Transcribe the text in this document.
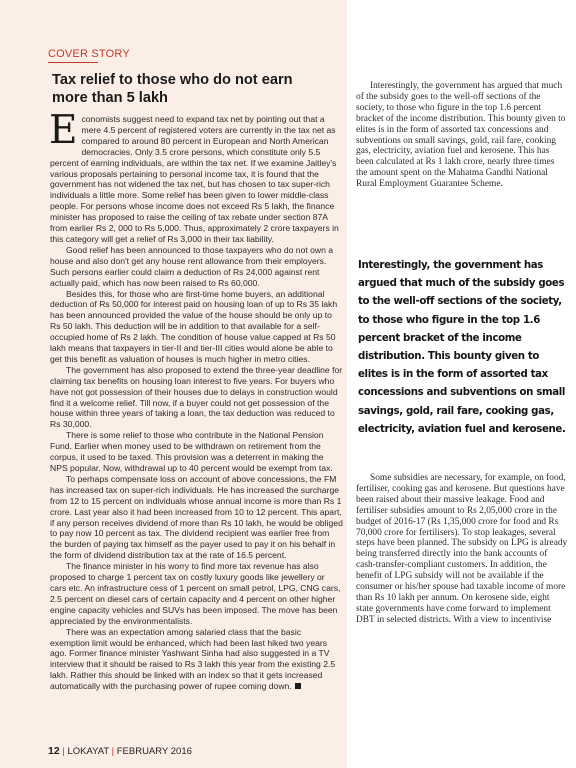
COVER STORY
Tax relief to those who do not earn more than 5 lakh

Economists suggest need to expand tax net by pointing out that a mere 4.5 percent of registered voters are currently in the tax net as compared to around 80 percent in European and North American democracies. Only 3.5 crore persons, which constitute only 5.5 percent of earning individuals, are within the tax net. If we examine Jaitley's various proposals pertaining to personal income tax, it is found that the government has not widened the tax net, but has chosen to tax super-rich individuals a little more. Some relief has been given to lower middle-class people. For persons whose income does not exceed Rs 5 lakh, the finance minister has proposed to raise the ceiling of tax rebate under section 87A from earlier Rs 2, 000 to Rs 5,000. Thus, approximately 2 crore taxpayers in this category will get a relief of Rs 3,000 in their tax liability.

Good relief has been announced to those taxpayers who do not own a house and also don't get any house rent allowance from their employers. Such persons earlier could claim a deduction of Rs 24,000 against rent actually paid, which has now been raised to Rs 60,000.

Besides this, for those who are first-time home buyers, an additional deduction of Rs 50,000 for interest paid on housing loan of up to Rs 35 lakh has been announced provided the value of the house should be only up to Rs 50 lakh. This deduction will be in addition to that available for a self-occupied home of Rs 2 lakh. The condition of house value capped at Rs 50 lakh means that taxpayers in tier-II and tier-III cities would alone be able to get this benefit as valuation of houses is much higher in metro cities.

The government has also proposed to extend the three-year deadline for claiming tax benefits on housing loan interest to five years. For buyers who have not got possession of their houses due to delays in construction would find it a welcome relief. Till now, if a buyer could not get possession of the house within three years of taking a loan, the tax deduction was reduced to Rs 30,000.

There is some relief to those who contribute in the National Pension Fund. Earlier when money used to be withdrawn on retirement from the corpus, it used to be taxed. This provision was a deterrent in making the NPS popular. Now, withdrawal up to 40 percent would be exempt from tax.

To perhaps compensate loss on account of above concessions, the FM has increased tax on super-rich individuals. He has increased the surcharge from 12 to 15 percent on individuals whose annual income is more than Rs 1 crore. Last year also it had been increased from 10 to 12 percent. This apart, if any person receives dividend of more than Rs 10 lakh, he would be obliged to pay now 10 percent as tax. The dividend recipient was earlier free from the burden of paying tax himself as the payer used to pay it on his behalf in the form of dividend distribution tax at the rate of 16.5 percent.

The finance minister in his worry to find more tax revenue has also proposed to charge 1 percent tax on costly luxury goods like jewellery or cars etc. An infrastructure cess of 1 percent on small petrol, LPG, CNG cars, 2.5 percent on diesel cars of certain capacity and 4 percent on other higher engine capacity vehicles and SUVs has been imposed. The move has been appreciated by the environmentalists.

There was an expectation among salaried class that the basic exemption limit would be enhanced, which had been last hiked two years ago. Former finance minister Yashwant Sinha had also suggested in a TV interview that it should be raised to Rs 3 lakh this year from the existing 2.5 lakh. Rather this should be linked with an index so that it gets increased automatically with the purchasing power of rupee coming down.

Interestingly, the government has argued that much of the subsidy goes to the well-off sections of the society, to those who figure in the top 1.6 percent bracket of the income distribution. This bounty given to elites is in the form of assorted tax concessions and subventions on small savings, gold, rail fare, cooking gas, electricity, aviation fuel and kerosene. This has been calculated at Rs 1 lakh crore, nearly three times the amount spent on the Mahatma Gandhi National Rural Employment Guarantee Scheme.

Interestingly, the government has argued that much of the subsidy goes to the well-off sections of the society, to those who figure in the top 1.6 percent bracket of the income distribution. This bounty given to elites is in the form of assorted tax concessions and subventions on small savings, gold, rail fare, cooking gas, electricity, aviation fuel and kerosene.

Some subsidies are necessary, for example, on food, fertiliser, cooking gas and kerosene. But questions have been raised about their massive leakage. Food and fertiliser subsidies amount to Rs 2,05,000 crore in the budget of 2016-17 (Rs 1,35,000 crore for food and Rs 70,000 crore for fertilisers). To stop leakages, several steps have been planned. The subsidy on LPG is already being transferred directly into the bank accounts of cash-transfer-compliant customers. In addition, the benefit of LPG subsidy will not be available if the consumer or his/her spouse had taxable income of more than Rs 10 lakh per annum. On kerosene side, eight state governments have come forward to implement DBT in selected districts. With a view to incentivise

12 | LOKAYAT | FEBRUARY 2016
